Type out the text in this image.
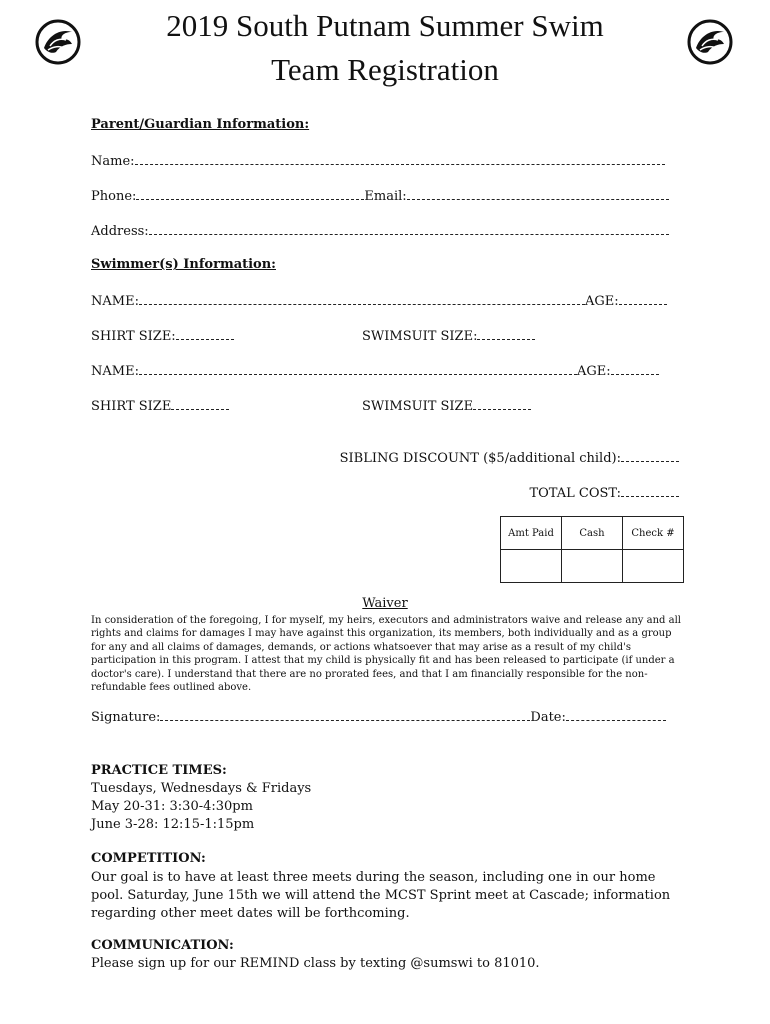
2019 South Putnam Summer Swim
Team Registration
Parent/Guardian Information:
Name:
Phone:	Email:
Address:
Swimmer(s) Information:
NAME:	AGE:
SHIRT SIZE:	SWIMSUIT SIZE:
NAME:	AGE:
SHIRT SIZE	SWIMSUIT SIZE
SIBLING DISCOUNT ($5/additional child):
TOTAL COST:
Amt Paid	Cash	Check #

Waiver
In consideration of the foregoing, I for myself, my heirs, executors and administrators waive and release any and all rights and claims for damages I may have against this organization, its members, both individually and as a group for any and all claims of damages, demands, or actions whatsoever that may arise as a result of my child's participation in this program. I attest that my child is physically fit and has been released to participate (if under a doctor's care). I understand that there are no prorated fees, and that I am financially responsible for the non-refundable fees outlined above.
Signature:	Date:
PRACTICE TIMES:
Tuesdays, Wednesdays & Fridays
May 20-31: 3:30-4:30pm
June 3-28: 12:15-1:15pm
COMPETITION:
Our goal is to have at least three meets during the season, including one in our home pool. Saturday, June 15th we will attend the MCST Sprint meet at Cascade; information regarding other meet dates will be forthcoming.
COMMUNICATION:
Please sign up for our REMIND class by texting @sumswi to 81010.
